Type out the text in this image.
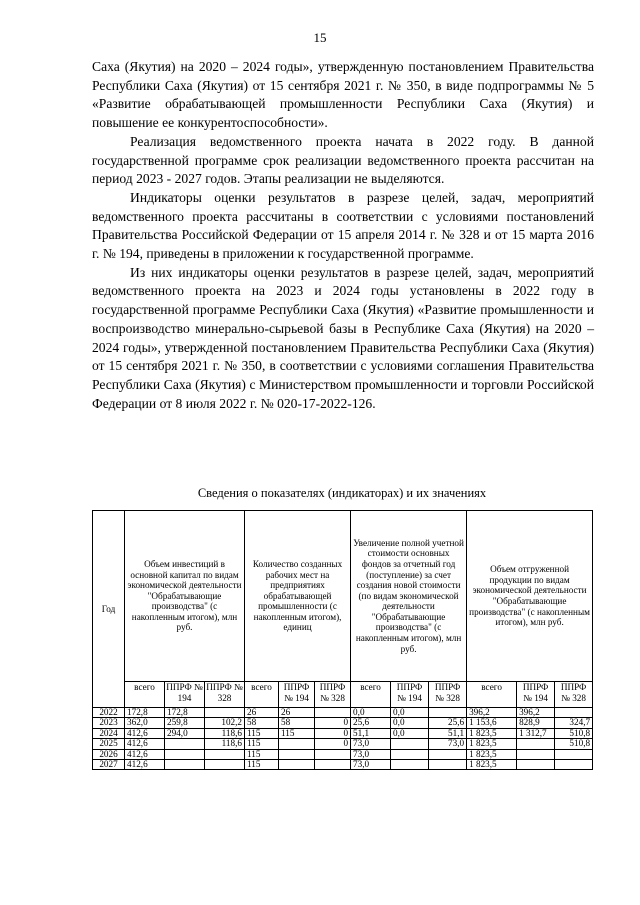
15

Саха (Якутия) на 2020 – 2024 годы», утвержденную постановлением Правительства Республики Саха (Якутия) от 15 сентября 2021 г. № 350, в виде подпрограммы № 5 «Развитие обрабатывающей промышленности Республики Саха (Якутия) и повышение ее конкурентоспособности».

Реализация ведомственного проекта начата в 2022 году. В данной государственной программе срок реализации ведомственного проекта рассчитан на период 2023 - 2027 годов. Этапы реализации не выделяются.

Индикаторы оценки результатов в разрезе целей, задач, мероприятий ведомственного проекта рассчитаны в соответствии с условиями постановлений Правительства Российской Федерации от 15 апреля 2014 г. № 328 и от 15 марта 2016 г. № 194, приведены в приложении к государственной программе.

Из них индикаторы оценки результатов в разрезе целей, задач, мероприятий ведомственного проекта на 2023 и 2024 годы установлены в 2022 году в государственной программе Республики Саха (Якутия) «Развитие промышленности и воспроизводство минерально-сырьевой базы в Республике Саха (Якутия) на 2020 – 2024 годы», утвержденной постановлением Правительства Республики Саха (Якутия) от 15 сентября 2021 г. № 350, в соответствии с условиями соглашения Правительства Республики Саха (Якутия) с Министерством промышленности и торговли Российской Федерации от 8 июля 2022 г. № 020-17-2022-126.

Сведения о показателях (индикаторах) и их значениях
Год	Объем инвестиций в основной капитал по видам экономической деятельности "Обрабатывающие производства" (с накопленным итогом), млн руб.			Количество созданных рабочих мест на предприятиях обрабатывающей промышленности (с накопленным итогом), единиц			Увеличение полной учетной стоимости основных фондов за отчетный год (поступление) за счет создания новой стоимости (по видам экономической деятельности "Обрабатывающие производства" (с накопленным итогом), млн руб.			Объем отгруженной продукции по видам экономической деятельности "Обрабатывающие производства" (с накопленным итогом), млн руб.		
	всего	ППРФ № 194	ППРФ № 328	всего	ППРФ № 194	ППРФ № 328	всего	ППРФ № 194	ППРФ № 328	всего	ППРФ № 194	ППРФ № 328
2022	172,8	172,8		26	26		0,0	0,0		396,2	396,2	
2023	362,0	259,8	102,2	58	58	0	25,6	0,0	25,6	1 153,6	828,9	324,7
2024	412,6	294,0	118,6	115	115	0	51,1	0,0	51,1	1 823,5	1 312,7	510,8
2025	412,6		118,6	115		0	73,0		73,0	1 823,5		510,8
2026	412,6			115			73,0			1 823,5		
2027	412,6			115			73,0			1 823,5		
